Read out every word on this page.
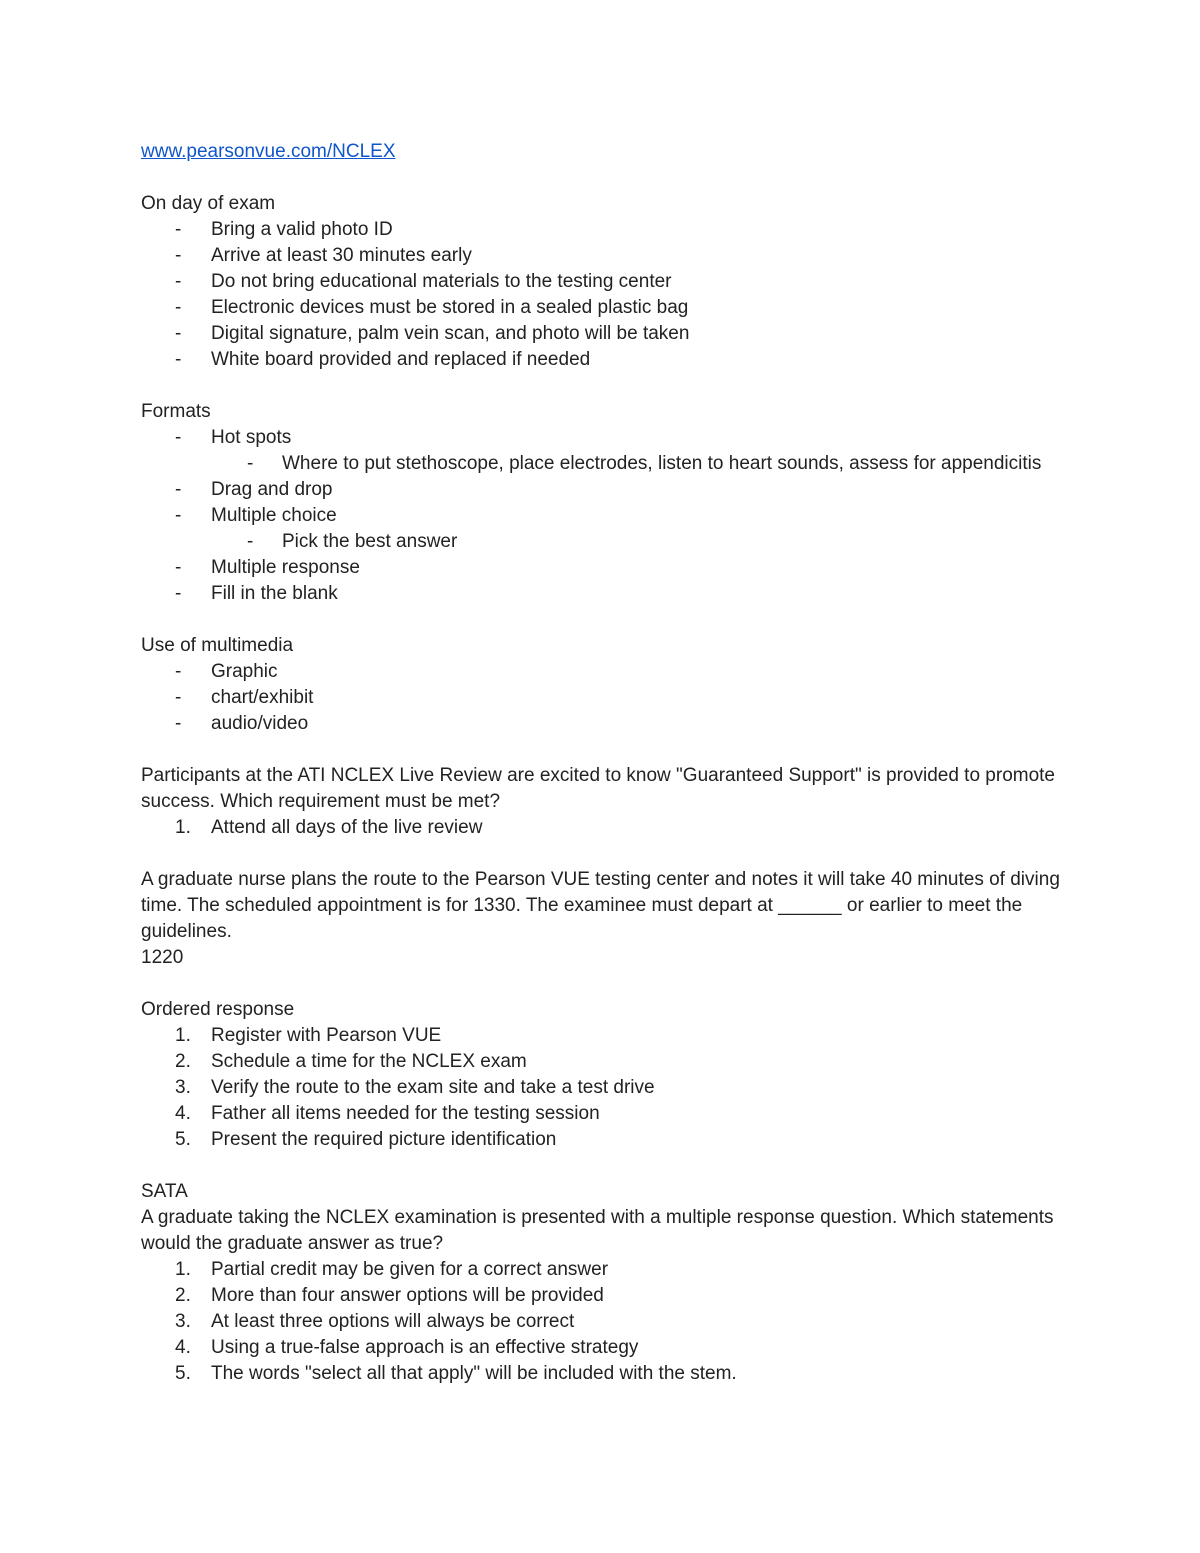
www.pearsonvue.com/NCLEX

On day of exam

- Bring a valid photo ID
- Arrive at least 30 minutes early
- Do not bring educational materials to the testing center
- Electronic devices must be stored in a sealed plastic bag
- Digital signature, palm vein scan, and photo will be taken
- White board provided and replaced if needed

Formats

- Hot spots
- Where to put stethoscope, place electrodes, listen to heart sounds, assess for appendicitis
- Drag and drop
- Multiple choice
- Pick the best answer
- Multiple response
- Fill in the blank

Use of multimedia

- Graphic
- chart/exhibit
- audio/video

Participants at the ATI NCLEX Live Review are excited to know "Guaranteed Support" is provided to promote success. Which requirement must be met?

1. Attend all days of the live review

A graduate nurse plans the route to the Pearson VUE testing center and notes it will take 40 minutes of diving time. The scheduled appointment is for 1330. The examinee must depart at ______ or earlier to meet the guidelines.

1220

Ordered response

1. Register with Pearson VUE
2. Schedule a time for the NCLEX exam
3. Verify the route to the exam site and take a test drive
4. Father all items needed for the testing session
5. Present the required picture identification

SATA

A graduate taking the NCLEX examination is presented with a multiple response question. Which statements would the graduate answer as true?

1. Partial credit may be given for a correct answer
2. More than four answer options will be provided
3. At least three options will always be correct
4. Using a true-false approach is an effective strategy
5. The words "select all that apply" will be included with the stem.
